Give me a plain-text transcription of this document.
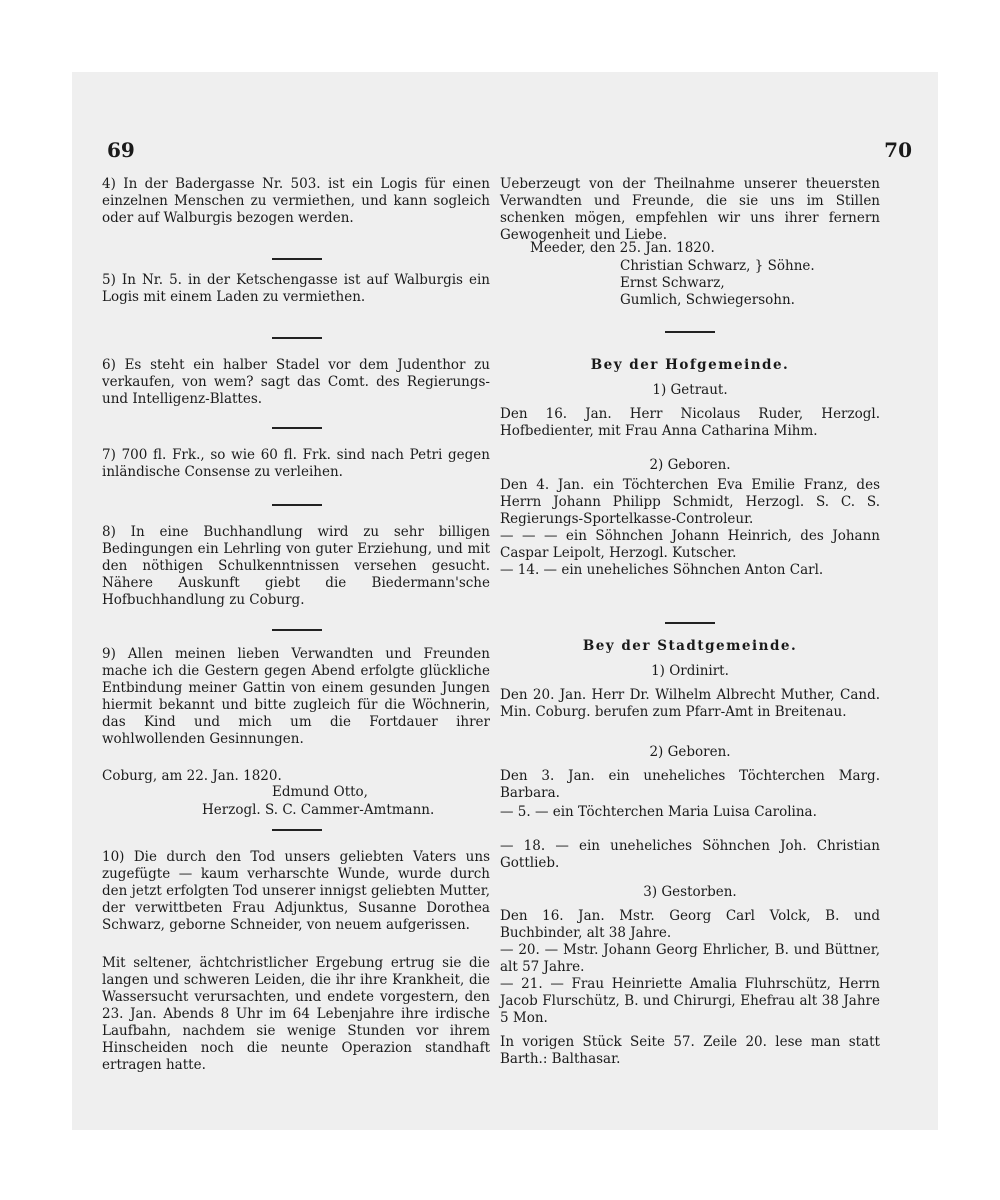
69	70

4) In der Badergasse Nr. 503. ist ein Logis für einen einzelnen Menschen zu vermiethen, und kann sogleich oder auf Walburgis bezogen werden.

5) In Nr. 5. in der Ketschengasse ist auf Walburgis ein Logis mit einem Laden zu vermiethen.

6) Es steht ein halber Stadel vor dem Judenthor zu verkaufen, von wem? sagt das Comt. des Regierungs- und Intelligenz-Blattes.

7) 700 fl. Frk., so wie 60 fl. Frk. sind nach Petri gegen inländische Consense zu verleihen.

8) In eine Buchhandlung wird zu sehr billigen Bedingungen ein Lehrling von guter Erziehung, und mit den nöthigen Schulkenntnissen versehen gesucht. Nähere Auskunft giebt die Biedermann'sche Hofbuchhandlung zu Coburg.

9) Allen meinen lieben Verwandten und Freunden mache ich die Gestern gegen Abend erfolgte glückliche Entbindung meiner Gattin von einem gesunden Jungen hiermit bekannt und bitte zugleich für die Wöchnerin, das Kind und mich um die Fortdauer ihrer wohlwollenden Gesinnungen.

Coburg, am 22. Jan. 1820.

Edmund Otto,

Herzogl. S. C. Cammer-Amtmann.

10) Die durch den Tod unsers geliebten Vaters uns zugefügte — kaum verharschte Wunde, wurde durch den jetzt erfolgten Tod unserer innigst geliebten Mutter, der verwittbeten Frau Adjunktus, Susanne Dorothea Schwarz, geborne Schneider, von neuem aufgerissen.

Mit seltener, ächtchristlicher Ergebung ertrug sie die langen und schweren Leiden, die ihr ihre Krankheit, die Wassersucht verursachten, und endete vorgestern, den 23. Jan. Abends 8 Uhr im 64 Lebenjahre ihre irdische Laufbahn, nachdem sie wenige Stunden vor ihrem Hinscheiden noch die neunte Operazion standhaft ertragen hatte.

Ueberzeugt von der Theilnahme unserer theuersten Verwandten und Freunde, die sie uns im Stillen schenken mögen, empfehlen wir uns ihrer fernern Gewogenheit und Liebe.

Meeder, den 25. Jan. 1820.

Christian Schwarz, } Söhne.

Ernst Schwarz,

Gumlich, Schwiegersohn.

Bey der Hofgemeinde.

1) Getraut.

Den 16. Jan. Herr Nicolaus Ruder, Herzogl. Hofbedienter, mit Frau Anna Catharina Mihm.

2) Geboren.

Den 4. Jan. ein Töchterchen Eva Emilie Franz, des Herrn Johann Philipp Schmidt, Herzogl. S. C. S. Regierungs-Sportelkasse-Controleur.

— — — ein Söhnchen Johann Heinrich, des Johann Caspar Leipolt, Herzogl. Kutscher.

— 14. — ein uneheliches Söhnchen Anton Carl.

Bey der Stadtgemeinde.

1) Ordinirt.

Den 20. Jan. Herr Dr. Wilhelm Albrecht Muther, Cand. Min. Coburg. berufen zum Pfarr-Amt in Breitenau.

2) Geboren.

Den 3. Jan. ein uneheliches Töchterchen Marg. Barbara.

— 5. — ein Töchterchen Maria Luisa Carolina.

— 18. — ein uneheliches Söhnchen Joh. Christian Gottlieb.

3) Gestorben.

Den 16. Jan. Mstr. Georg Carl Volck, B. und Buchbinder, alt 38 Jahre.

— 20. — Mstr. Johann Georg Ehrlicher, B. und Büttner, alt 57 Jahre.

— 21. — Frau Heinriette Amalia Fluhrschütz, Herrn Jacob Flurschütz, B. und Chirurgi, Ehefrau alt 38 Jahre 5 Mon.

In vorigen Stück Seite 57. Zeile 20. lese man statt Barth.: Balthasar.
